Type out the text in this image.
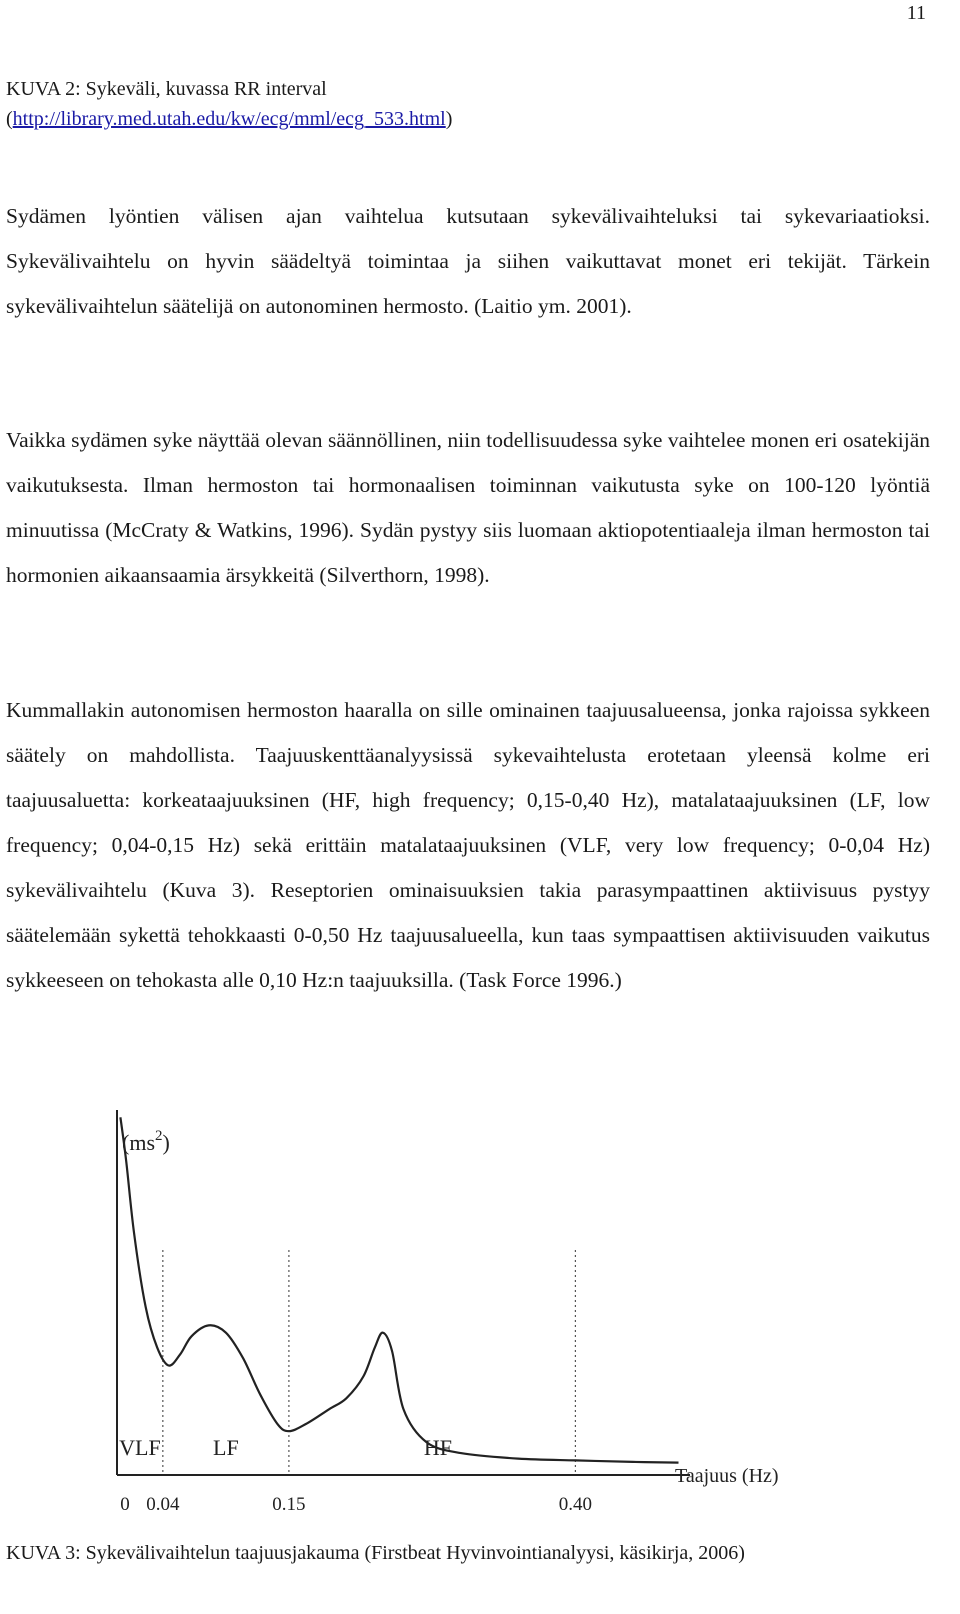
11
KUVA 2: Sykeväli, kuvassa RR interval
(http://library.med.utah.edu/kw/ecg/mml/ecg_533.html)

Sydämen lyöntien välisen ajan vaihtelua kutsutaan sykevälivaihteluksi tai sykevariaatioksi. Sykevälivaihtelu on hyvin säädeltyä toimintaa ja siihen vaikuttavat monet eri tekijät. Tärkein sykevälivaihtelun säätelijä on autonominen hermosto. (Laitio ym. 2001).

Vaikka sydämen syke näyttää olevan säännöllinen, niin todellisuudessa syke vaihtelee monen eri osatekijän vaikutuksesta. Ilman hermoston tai hormonaalisen toiminnan vaikutusta syke on 100-120 lyöntiä minuutissa (McCraty & Watkins, 1996). Sydän pystyy siis luomaan aktiopotentiaaleja ilman hermoston tai hormonien aikaansaamia ärsykkeitä (Silverthorn, 1998).

Kummallakin autonomisen hermoston haaralla on sille ominainen taajuusalueensa, jonka rajoissa sykkeen säätely on mahdollista. Taajuuskenttäanalyysissä sykevaihtelusta erotetaan yleensä kolme eri taajuusaluetta: korkeataajuuksinen (HF, high frequency; 0,15-0,40 Hz), matalataajuuksinen (LF, low frequency; 0,04-0,15 Hz) sekä erittäin matalataajuuksinen (VLF, very low frequency; 0-0,04 Hz) sykevälivaihtelu (Kuva 3). Reseptorien ominaisuuksien takia parasympaattinen aktiivisuus pystyy säätelemään sykettä tehokkaasti 0-0,50 Hz taajuusalueella, kun taas sympaattisen aktiivisuuden vaikutus sykkeeseen on tehokasta alle 0,10 Hz:n taajuuksilla. (Task Force 1996.)

$(ms^2)$
VLF LF	HF
0 0.04	0.15	0.40
Taajuus (Hz)
KUVA 3: Sykevälivaihtelun taajuusjakauma (Firstbeat Hyvinvointianalyysi, käsikirja, 2006)
